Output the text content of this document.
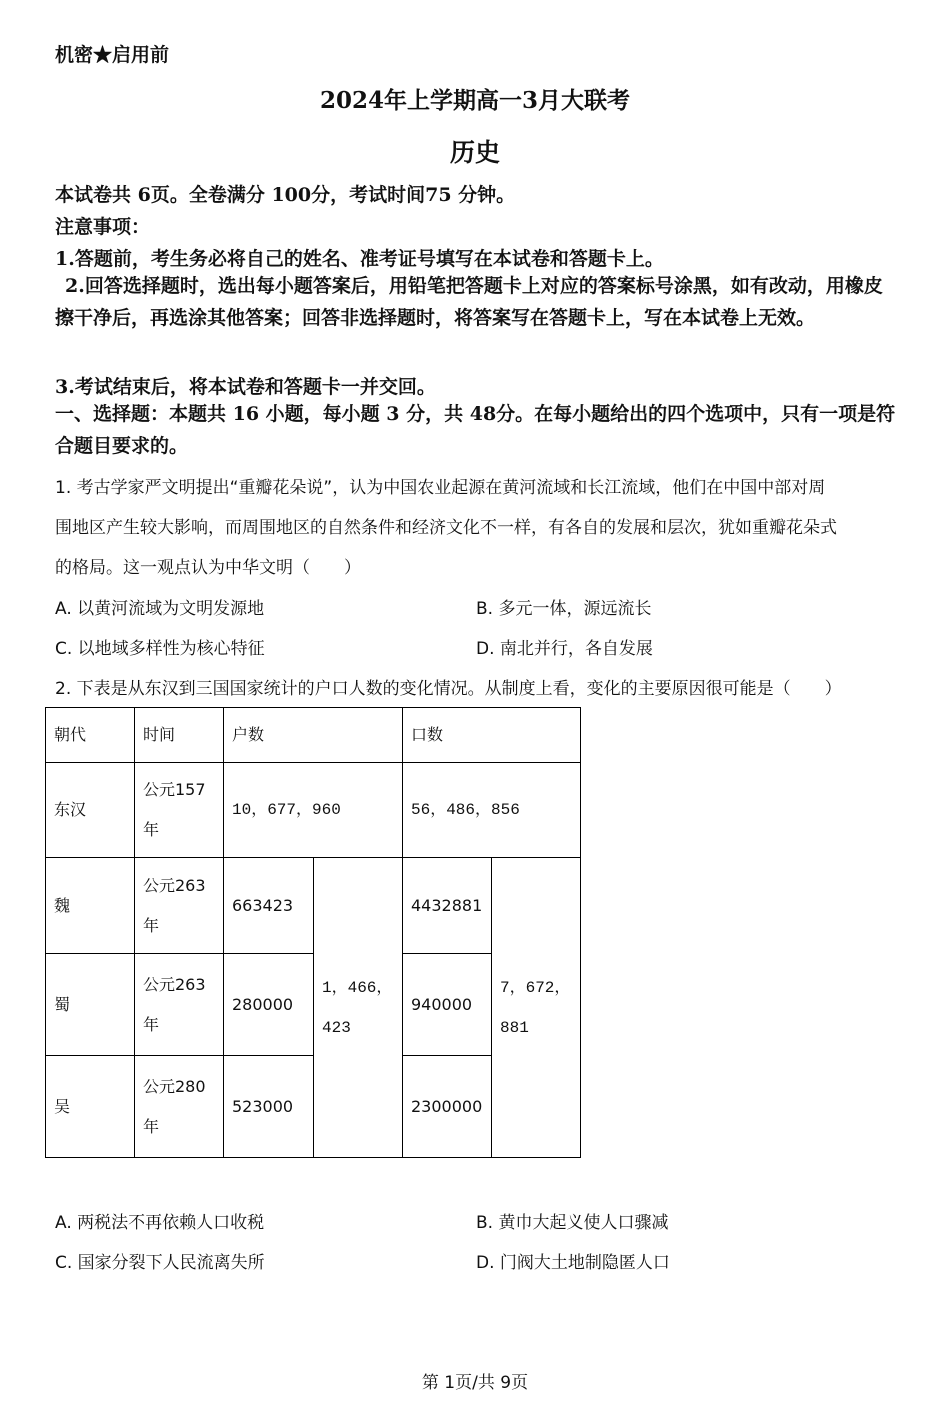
机密★启用前
2024年上学期高一3月大联考
历史
本试卷共 6页。全卷满分 100分，考试时间75 分钟。
注意事项：
1.答题前，考生务必将自己的姓名、准考证号填写在本试卷和答题卡上。
2.回答选择题时，选出每小题答案后，用铅笔把答题卡上对应的答案标号涂黑，如有改动，用橡皮擦干净后，再选涂其他答案；回答非选择题时，将答案写在答题卡上，写在本试卷上无效。
3.考试结束后，将本试卷和答题卡一并交回。
一、选择题：本题共 16 小题，每小题 3 分，共 48分。在每小题给出的四个选项中，只有一项是符合题目要求的。
1. 考古学家严文明提出“重瓣花朵说”，认为中国农业起源在黄河流域和长江流域，他们在中国中部对周
围地区产生较大影响，而周围地区的自然条件和经济文化不一样，有各自的发展和层次，犹如重瓣花朵式
的格局。这一观点认为中华文明（　　）
A. 以黄河流域为文明发源地	B. 多元一体，源远流长
C. 以地域多样性为核心特征	D. 南北并行，各自发展
2. 下表是从东汉到三国国家统计的户口人数的变化情况。从制度上看，变化的主要原因很可能是（　　）
朝代	时间	户数		口数	
东汉	公元157年	10，677，960		56，486，856	
魏	公元263年	663423	1，466，423	4432881	7，672，881
蜀	公元263年	280000		940000	
吴	公元280年	523000		2300000	
A. 两税法不再依赖人口收税	B. 黄巾大起义使人口骤减
C. 国家分裂下人民流离失所	D. 门阀大土地制隐匿人口
第 1页/共 9页
